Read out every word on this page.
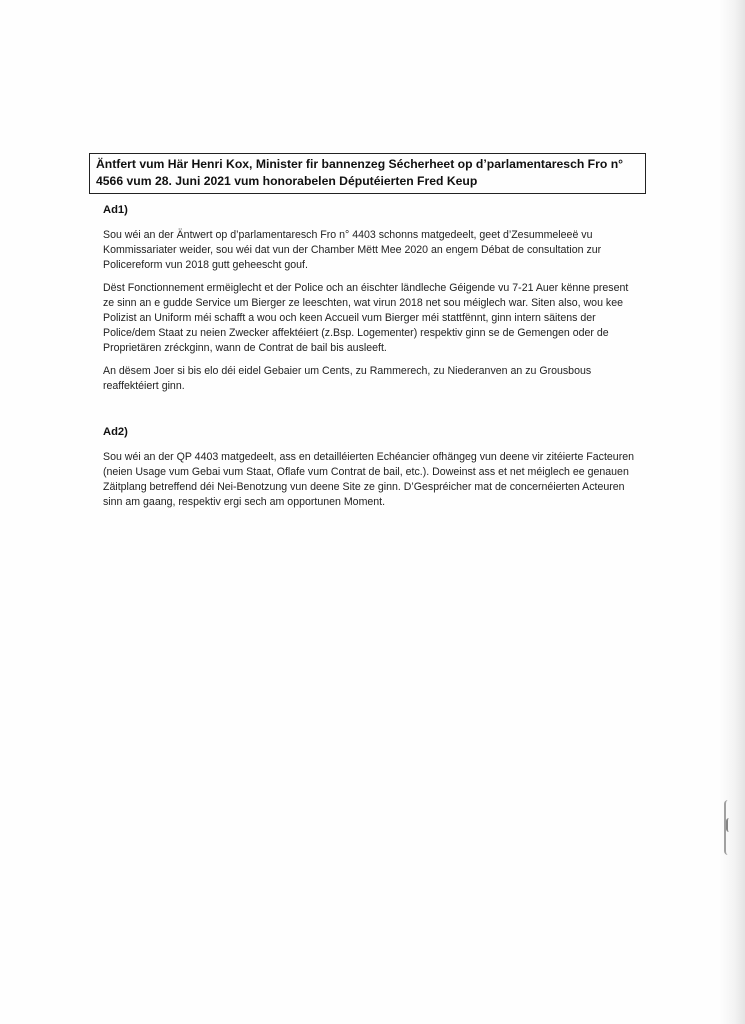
Äntfert vum Här Henri Kox, Minister fir bannenzeg Sécherheet op d’parlamentaresch Fro n° 4566 vum 28. Juni 2021 vum honorabelen Députéierten Fred Keup
Ad1)

Sou wéi an der Äntwert op d’parlamentaresch Fro n° 4403 schonns matgedeelt, geet d’Zesummeleeë vu Kommissariater weider, sou wéi dat vun der Chamber Mëtt Mee 2020 an engem Débat de consultation zur Policereform vun 2018 gutt geheescht gouf.

Dëst Fonctionnement ermëiglecht et der Police och an éischter ländleche Géigende vu 7-21 Auer kënne present ze sinn an e gudde Service um Bierger ze leeschten, wat virun 2018 net sou méiglech war. Siten also, wou kee Polizist an Uniform méi schafft a wou och keen Accueil vum Bierger méi stattfënnt, ginn intern säitens der Police/dem Staat zu neien Zwecker affektéiert (z.Bsp. Logementer) respektiv ginn se de Gemengen oder de Proprietären zréckginn, wann de Contrat de bail bis ausleeft.

An dësem Joer si bis elo déi eidel Gebaier um Cents, zu Rammerech, zu Niederanven an zu Grousbous reaffektéiert ginn.

Ad2)

Sou wéi an der QP 4403 matgedeelt, ass en detailléierten Echéancier ofhängeg vun deene vir zitéierte Facteuren (neien Usage vum Gebai vum Staat, Oflafe vum Contrat de bail, etc.). Doweinst ass et net méiglech ee genauen Zäitplang betreffend déi Nei-Benotzung vun deene Site ze ginn. D’Gespréicher mat de concernéierten Acteuren sinn am gaang, respektiv ergi sech am opportunen Moment.
